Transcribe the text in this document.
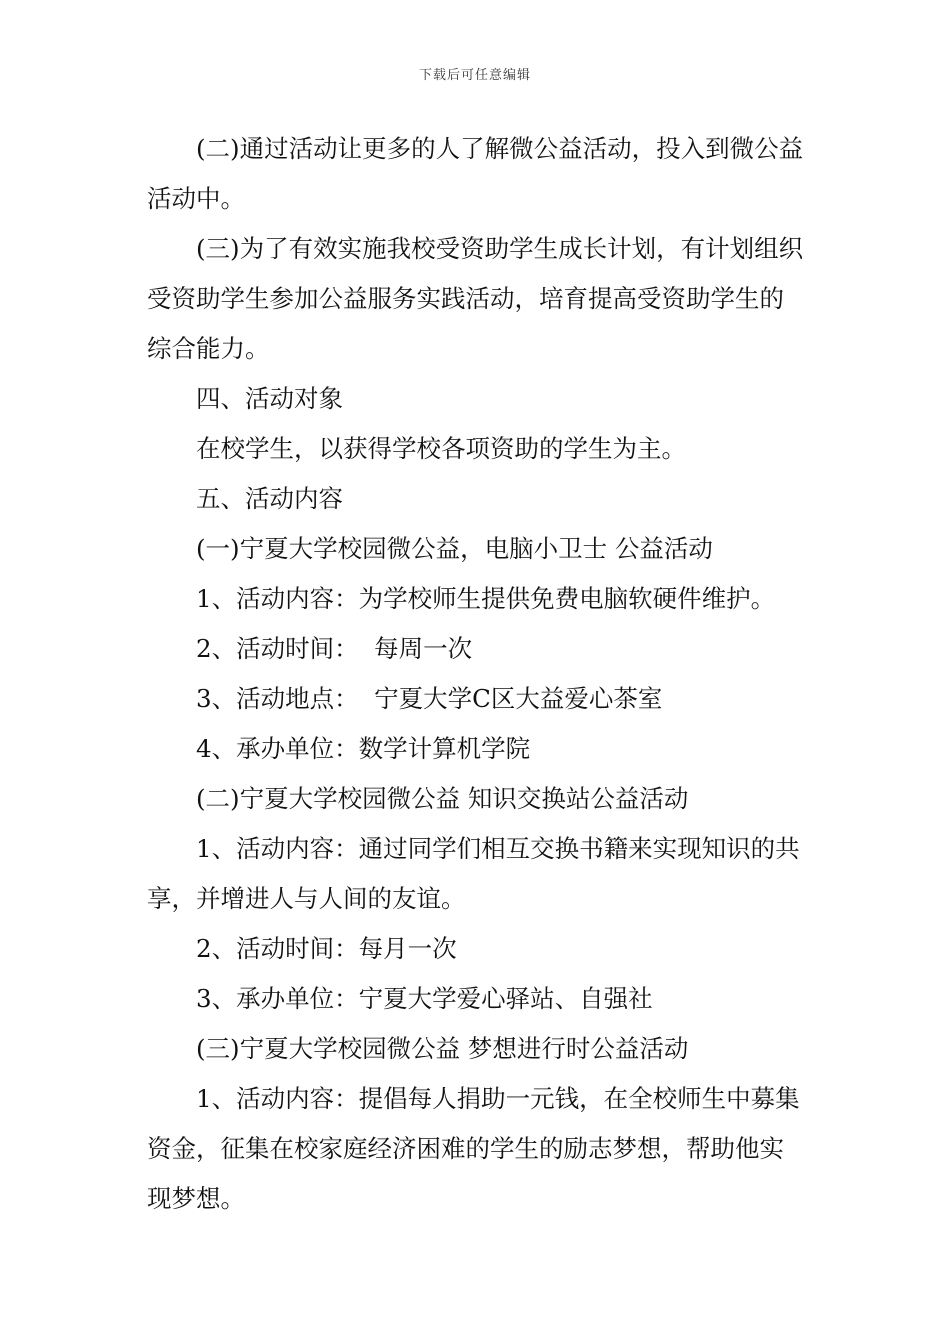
下载后可任意编辑

(二)通过活动让更多的人了解微公益活动，投入到微公益活动中。

(三)为了有效实施我校受资助学生成长计划，有计划组织受资助学生参加公益服务实践活动，培育提高受资助学生的综合能力。

四、活动对象

在校学生，以获得学校各项资助的学生为主。

五、活动内容

(一)宁夏大学校园微公益，电脑小卫士 公益活动

1、活动内容：为学校师生提供免费电脑软硬件维护。

2、活动时间：  每周一次

3、活动地点：  宁夏大学C区大益爱心茶室

4、承办单位：数学计算机学院

(二)宁夏大学校园微公益 知识交换站公益活动

1、活动内容：通过同学们相互交换书籍来实现知识的共享，并增进人与人间的友谊。

2、活动时间：每月一次

3、承办单位：宁夏大学爱心驿站、自强社

(三)宁夏大学校园微公益 梦想进行时公益活动

1、活动内容：提倡每人捐助一元钱，在全校师生中募集资金，征集在校家庭经济困难的学生的励志梦想，帮助他实现梦想。
